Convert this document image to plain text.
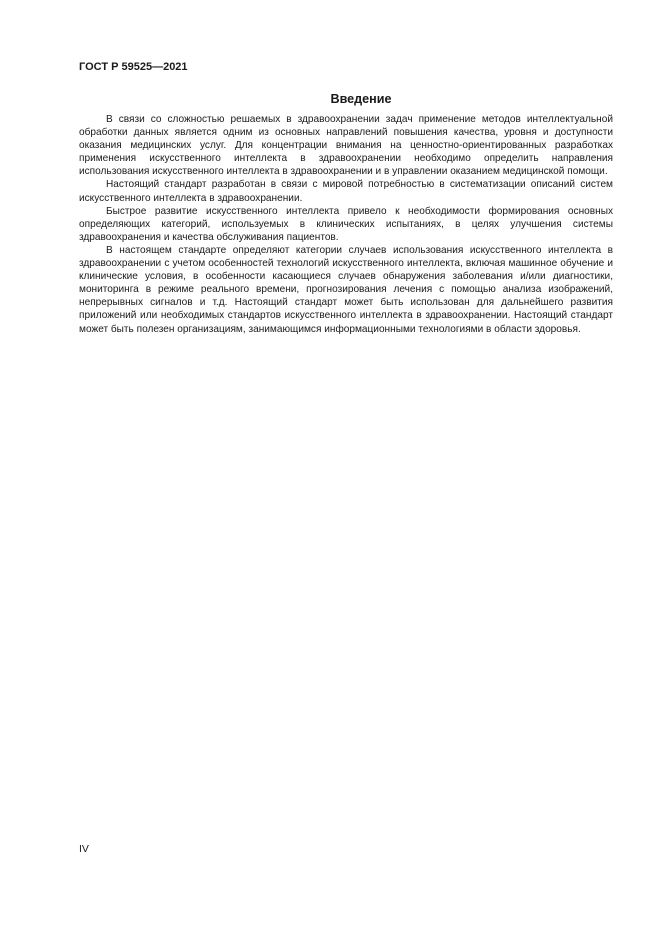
ГОСТ Р 59525—2021
Введение

В связи со сложностью решаемых в здравоохранении задач применение методов интеллектуальной обработки данных является одним из основных направлений повышения качества, уровня и доступности оказания медицинских услуг. Для концентрации внимания на ценностно-ориентированных разработках применения искусственного интеллекта в здравоохранении необходимо определить направления использования искусственного интеллекта в здравоохранении и в управлении оказанием медицинской помощи.

Настоящий стандарт разработан в связи с мировой потребностью в систематизации описаний систем искусственного интеллекта в здравоохранении.

Быстрое развитие искусственного интеллекта привело к необходимости формирования основных определяющих категорий, используемых в клинических испытаниях, в целях улучшения системы здравоохранения и качества обслуживания пациентов.

В настоящем стандарте определяют категории случаев использования искусственного интеллекта в здравоохранении с учетом особенностей технологий искусственного интеллекта, включая машинное обучение и клинические условия, в особенности касающиеся случаев обнаружения заболевания и/или диагностики, мониторинга в режиме реального времени, прогнозирования лечения с помощью анализа изображений, непрерывных сигналов и т.д. Настоящий стандарт может быть использован для дальнейшего развития приложений или необходимых стандартов искусственного интеллекта в здравоохранении. Настоящий стандарт может быть полезен организациям, занимающимся информационными технологиями в области здоровья.

IV
